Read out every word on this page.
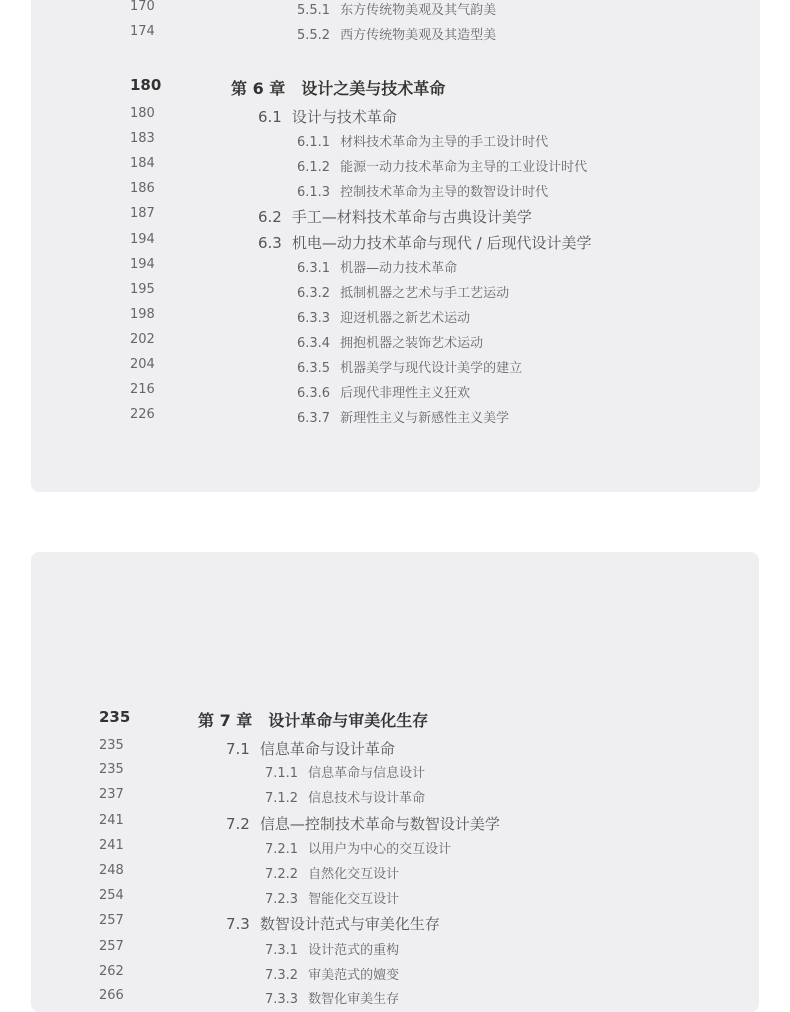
170	5.5.1 东方传统物美观及其气韵美
174	5.5.2 西方传统物美观及其造型美
180	第 6 章 设计之美与技术革命
180	6.1 设计与技术革命
183	6.1.1 材料技术革命为主导的手工设计时代
184	6.1.2 能源一动力技术革命为主导的工业设计时代
186	6.1.3 控制技术革命为主导的数智设计时代
187	6.2 手工—材料技术革命与古典设计美学
194	6.3 机电—动力技术革命与现代 / 后现代设计美学
194	6.3.1 机器—动力技术革命
195	6.3.2 抵制机器之艺术与手工艺运动
198	6.3.3 迎迓机器之新艺术运动
202	6.3.4 拥抱机器之装饰艺术运动
204	6.3.5 机器美学与现代设计美学的建立
216	6.3.6 后现代非理性主义狂欢
226	6.3.7 新理性主义与新感性主义美学
235	第 7 章 设计革命与审美化生存
235	7.1 信息革命与设计革命
235	7.1.1 信息革命与信息设计
237	7.1.2 信息技术与设计革命
241	7.2 信息—控制技术革命与数智设计美学
241	7.2.1 以用户为中心的交互设计
248	7.2.2 自然化交互设计
254	7.2.3 智能化交互设计
257	7.3 数智设计范式与审美化生存
257	7.3.1 设计范式的重构
262	7.3.2 审美范式的嬗变
266	7.3.3 数智化审美生存
